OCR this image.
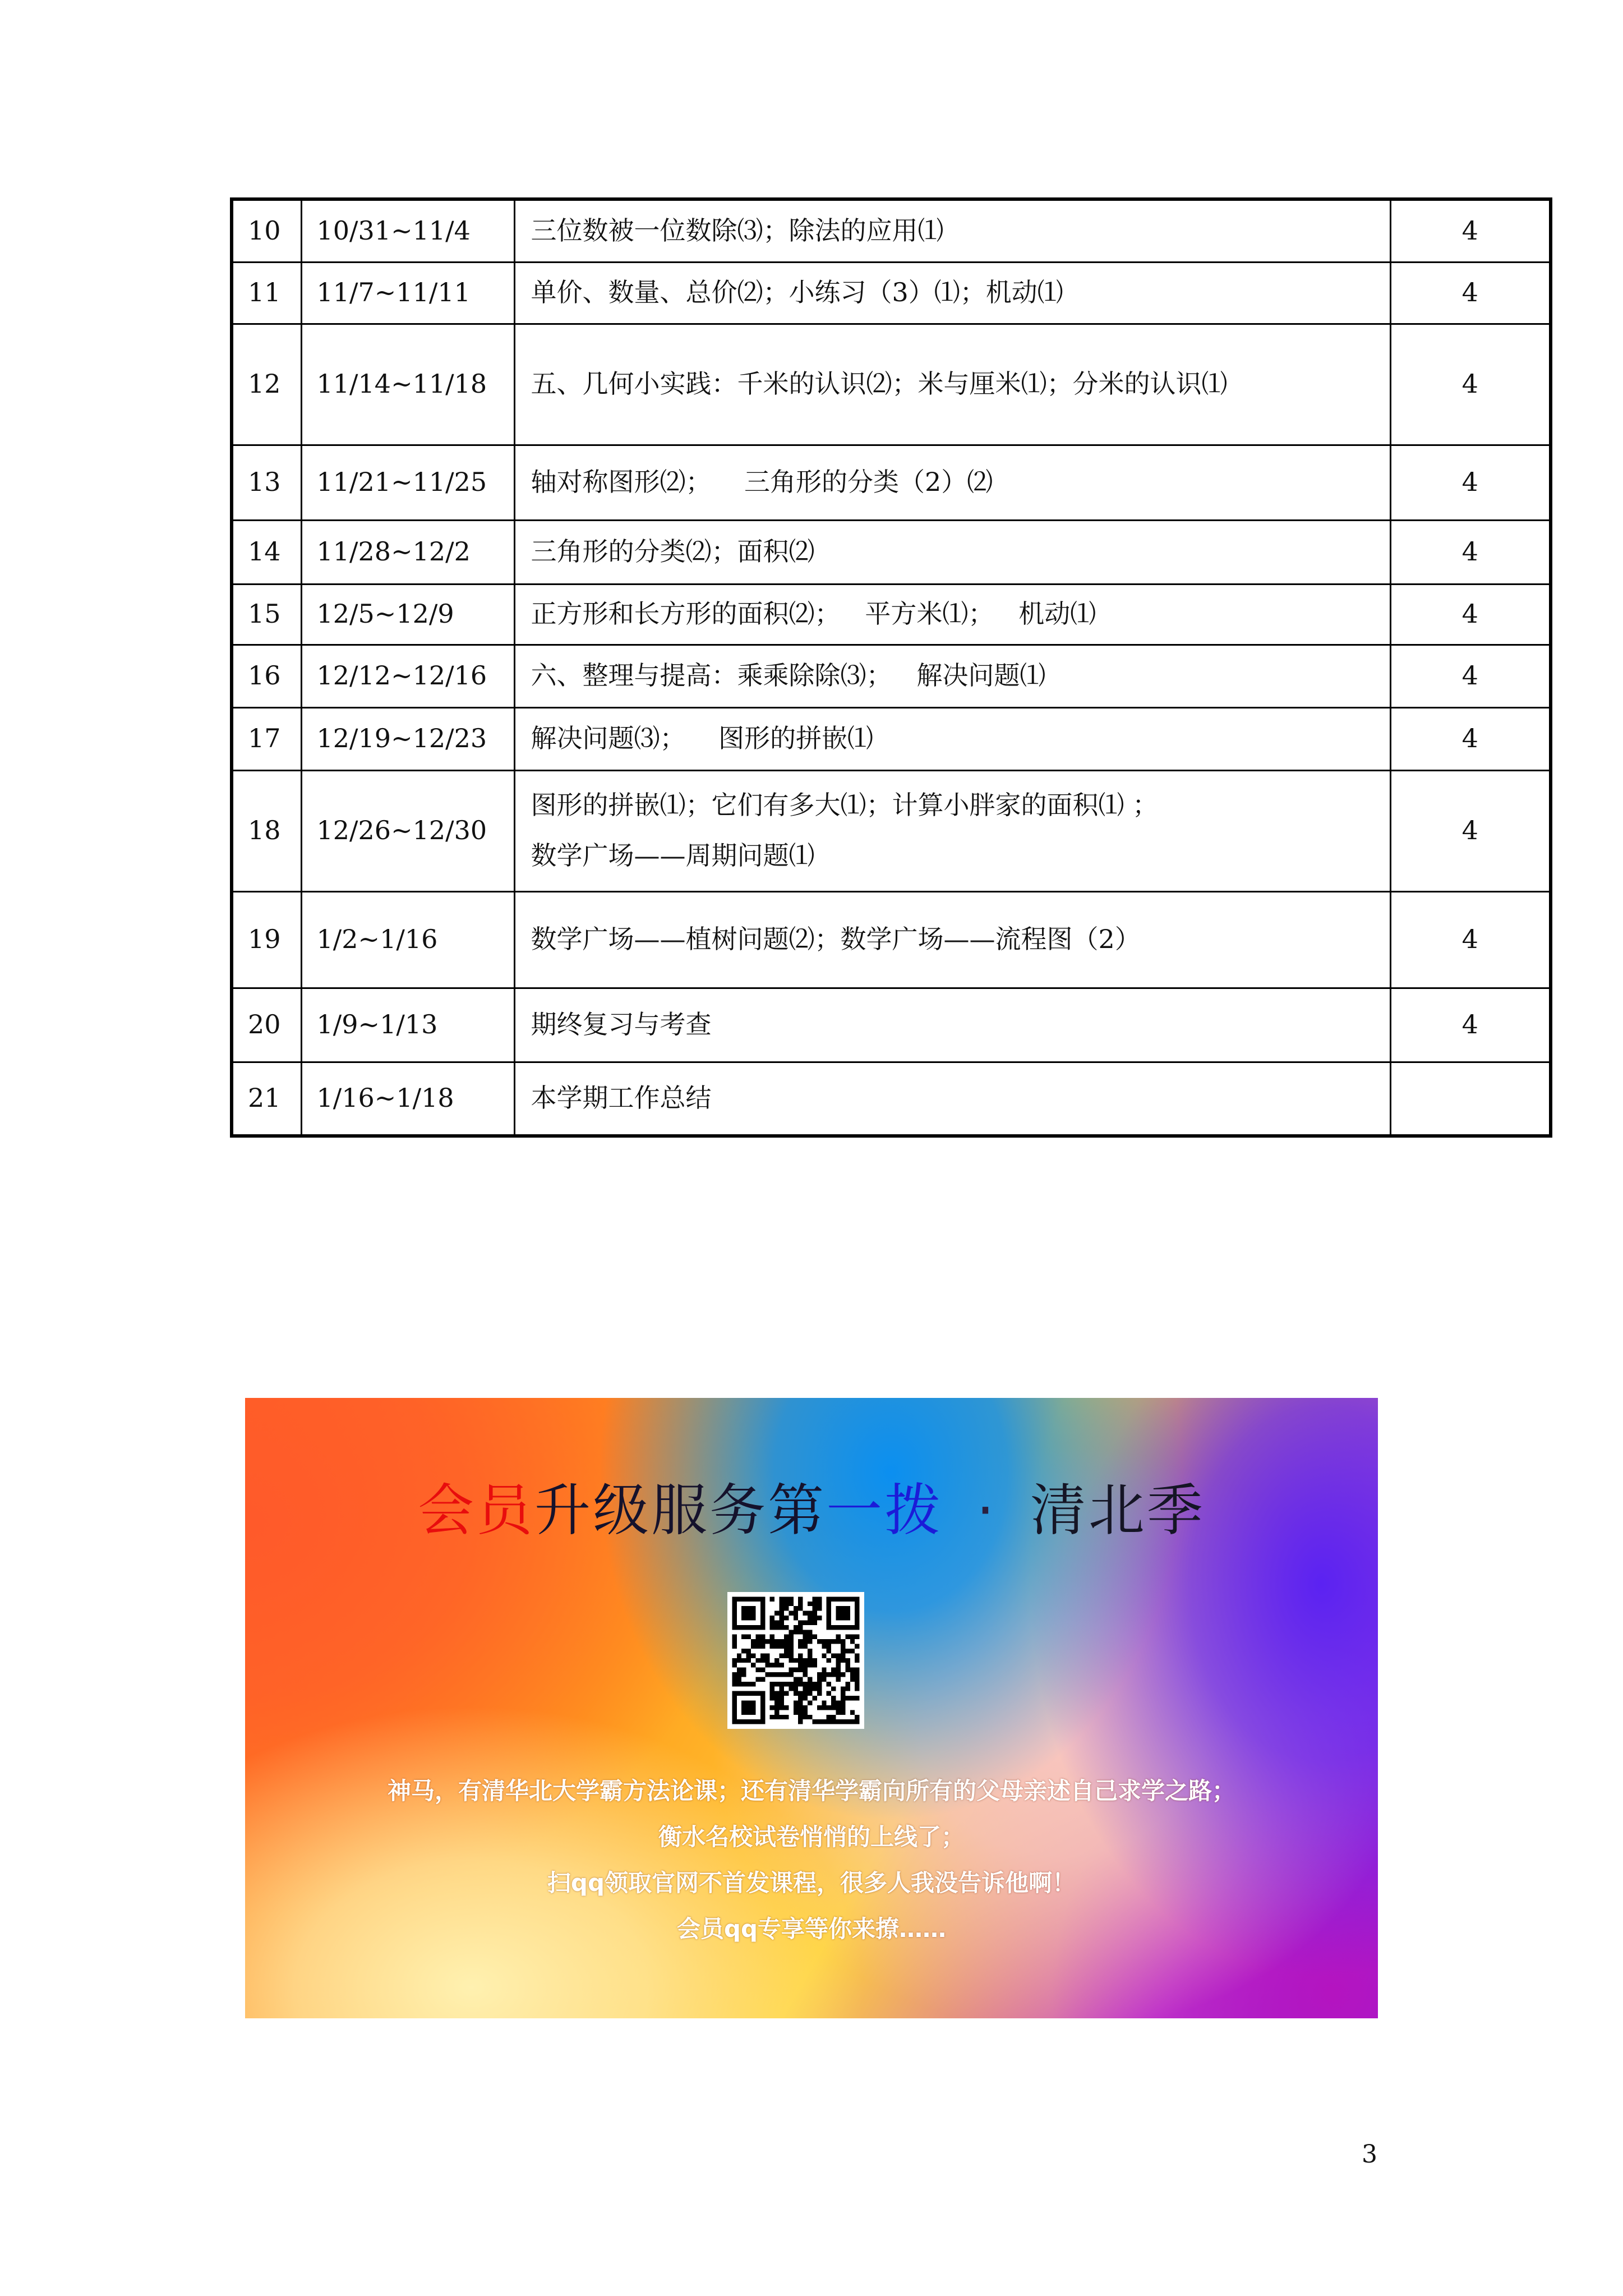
10	10/31~11/4	三位数被一位数除⑶；除法的应用⑴	4
11	11/7~11/11	单价、数量、总价⑵；小练习（3）⑴；机动⑴	4
12	11/14~11/18	五、几何小实践：千米的认识⑵；米与厘米⑴；分米的认识⑴	4
13	11/21~11/25	轴对称图形⑵；    三角形的分类（2）⑵	4
14	11/28~12/2	三角形的分类⑵；面积⑵	4
15	12/5~12/9	正方形和长方形的面积⑵；   平方米⑴；   机动⑴	4
16	12/12~12/16	六、整理与提高：乘乘除除⑶；   解决问题⑴	4
17	12/19~12/23	解决问题⑶；    图形的拼嵌⑴	4
18	12/26~12/30	图形的拼嵌⑴；它们有多大⑴；计算小胖家的面积⑴ ；
数学广场——周期问题⑴	4
19	1/2~1/16	数学广场——植树问题⑵；数学广场——流程图（2）	4
20	1/9~1/13	期终复习与考查	4
21	1/16~1/18	本学期工作总结	

会员升级服务第一拨 · 清北季
神马，有清华北大学霸方法论课；还有清华学霸向所有的父母亲述自己求学之路；
衡水名校试卷悄悄的上线了；
扫qq领取官网不首发课程，很多人我没告诉他啊！
会员qq专享等你来撩……
3
